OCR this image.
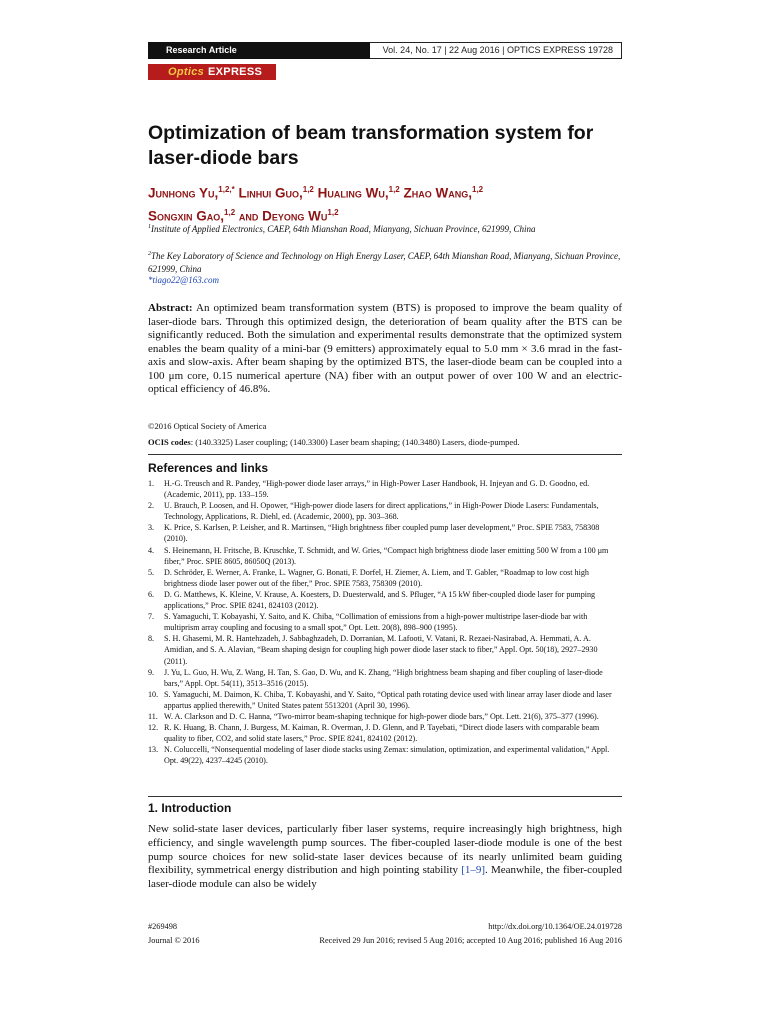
Research Article	Vol. 24, No. 17 | 22 Aug 2016 | OPTICS EXPRESS 19728
Optics EXPRESS
Optimization of beam transformation system for laser-diode bars
Junhong Yu,$^{1,2,*}$ Linhui Guo,$^{1,2}$ Hualing Wu,$^{1,2}$ Zhao Wang,$^{1,2}$
Songxin Gao,$^{1,2}$ and Deyong Wu$^{1,2}$
$^1$Institute of Applied Electronics, CAEP, 64th Mianshan Road, Mianyang, Sichuan Province, 621999, China
$^2$The Key Laboratory of Science and Technology on High Energy Laser, CAEP, 64th Mianshan Road, Mianyang, Sichuan Province, 621999, China
*tiago22@163.com

Abstract: An optimized beam transformation system (BTS) is proposed to improve the beam quality of laser-diode bars. Through this optimized design, the deterioration of beam quality after the BTS can be significantly reduced. Both the simulation and experimental results demonstrate that the optimized system enables the beam quality of a mini-bar (9 emitters) approximately equal to 5.0 mm × 3.6 mrad in the fast-axis and slow-axis. After beam shaping by the optimized BTS, the laser-diode beam can be coupled into a 100 μm core, 0.15 numerical aperture (NA) fiber with an output power of over 100 W and an electric-optical efficiency of 46.8%.

©2016 Optical Society of America
OCIS codes: (140.3325) Laser coupling; (140.3300) Laser beam shaping; (140.3480) Lasers, diode-pumped.
References and links
1.	H.-G. Treusch and R. Pandey, “High-power diode laser arrays,” in High-Power Laser Handbook, H. Injeyan and G. D. Goodno, ed. (Academic, 2011), pp. 133–159.
2.	U. Brauch, P. Loosen, and H. Opower, “High-power diode lasers for direct applications,” in High-Power Diode Lasers: Fundamentals, Technology, Applications, R. Diehl, ed. (Academic, 2000), pp. 303–368.
3.	K. Price, S. Karlsen, P. Leisher, and R. Martinsen, “High brightness fiber coupled pump laser development,” Proc. SPIE 7583, 758308 (2010).
4.	S. Heinemann, H. Fritsche, B. Kruschke, T. Schmidt, and W. Gries, “Compact high brightness diode laser emitting 500 W from a 100 μm fiber,” Proc. SPIE 8605, 86050Q (2013).
5.	D. Schröder, E. Werner, A. Franke, L. Wagner, G. Bonati, F. Dorfel, H. Ziemer, A. Liem, and T. Gabler, “Roadmap to low cost high brightness diode laser power out of the fiber,” Proc. SPIE 7583, 758309 (2010).
6.	D. G. Matthews, K. Kleine, V. Krause, A. Koesters, D. Duesterwald, and S. Pfluger, “A 15 kW fiber-coupled diode laser for pumping applications,” Proc. SPIE 8241, 824103 (2012).
7.	S. Yamaguchi, T. Kobayashi, Y. Saito, and K. Chiba, “Collimation of emissions from a high-power multistripe laser-diode bar with multiprism array coupling and focusing to a small spot,” Opt. Lett. 20(8), 898–900 (1995).
8.	S. H. Ghasemi, M. R. Hantehzadeh, J. Sabbaghzadeh, D. Dorranian, M. Lafooti, V. Vatani, R. Rezaei-Nasirabad, A. Hemmati, A. A. Amidian, and S. A. Alavian, “Beam shaping design for coupling high power diode laser stack to fiber,” Appl. Opt. 50(18), 2927–2930 (2011).
9.	J. Yu, L. Guo, H. Wu, Z. Wang, H. Tan, S. Gao, D. Wu, and K. Zhang, “High brightness beam shaping and fiber coupling of laser-diode bars,” Appl. Opt. 54(11), 3513–3516 (2015).
10. S. Yamaguchi, M. Daimon, K. Chiba, T. Kobayashi, and Y. Saito, “Optical path rotating device used with linear array laser diode and laser appartus applied therewith,” United States patent 5513201 (April 30, 1996).
11. W. A. Clarkson and D. C. Hanna, “Two-mirror beam-shaping technique for high-power diode bars,” Opt. Lett. 21(6), 375–377 (1996).
12. R. K. Huang, B. Chann, J. Burgess, M. Kaiman, R. Overman, J. D. Glenn, and P. Tayebati, “Direct diode lasers with comparable beam quality to fiber, CO2, and solid state lasers,” Proc. SPIE 8241, 824102 (2012).
13. N. Coluccelli, “Nonsequential modeling of laser diode stacks using Zemax: simulation, optimization, and experimental validation,” Appl. Opt. 49(22), 4237–4245 (2010).
1. Introduction

New solid-state laser devices, particularly fiber laser systems, require increasingly high brightness, high efficiency, and single wavelength pump sources. The fiber-coupled laser-diode module is one of the best pump source choices for new solid-state laser devices because of its nearly unlimited beam guiding flexibility, symmetrical energy distribution and high pointing stability [1–9]. Meanwhile, the fiber-coupled laser-diode module can also be widely

#269498	http://dx.doi.org/10.1364/OE.24.019728
Journal © 2016	Received 29 Jun 2016; revised 5 Aug 2016; accepted 10 Aug 2016; published 16 Aug 2016
